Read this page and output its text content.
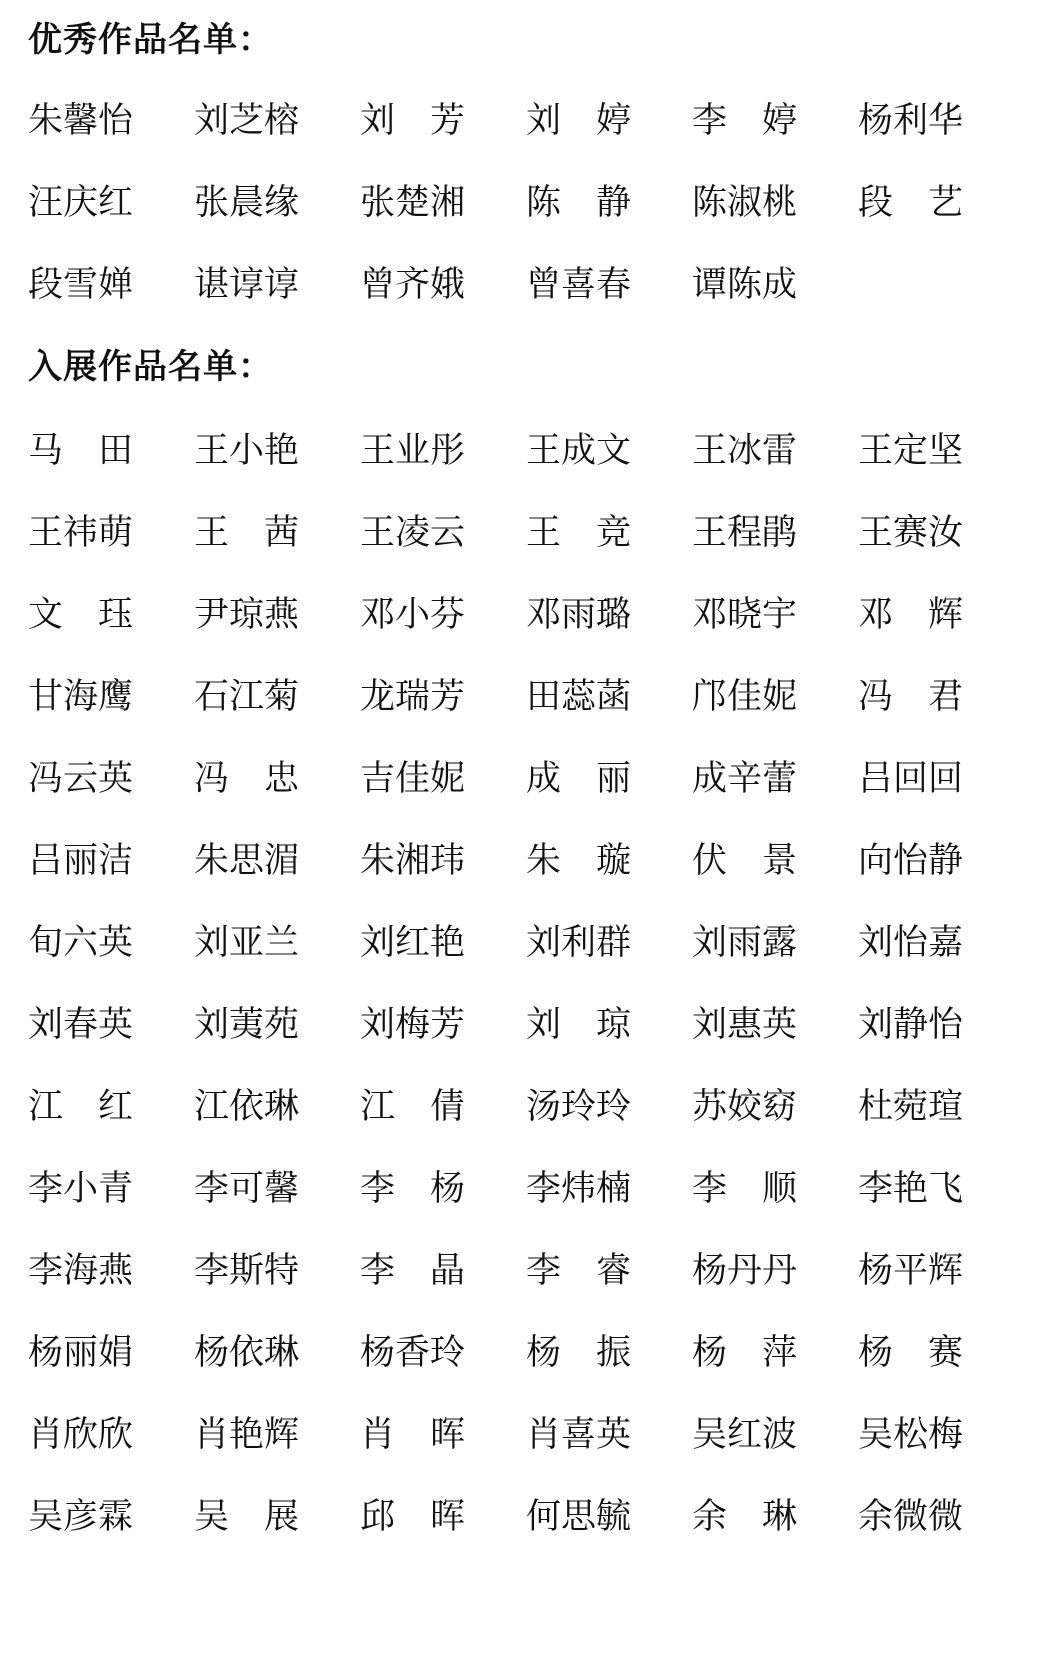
优秀作品名单：
朱馨怡	刘芝榕	刘　芳	刘　婷	李　婷	杨利华
汪庆红	张晨缘	张楚湘	陈　静	陈淑桃	段　艺
段雪婵	谌谆谆	曾齐娥	曾喜春	谭陈成
入展作品名单：
马　田	王小艳	王业彤	王成文	王冰雷	王定坚
王祎萌	王　茜	王凌云	王　竞	王程鹃	王赛汝
文　珏	尹琼燕	邓小芬	邓雨璐	邓晓宇	邓　辉
甘海鹰	石江菊	龙瑞芳	田蕊菡	邝佳妮	冯　君
冯云英	冯　忠	吉佳妮	成　丽	成辛蕾	吕回回
吕丽洁	朱思湄	朱湘玮	朱　璇	伏　景	向怡静
旬六英	刘亚兰	刘红艳	刘利群	刘雨露	刘怡嘉
刘春英	刘荑苑	刘梅芳	刘　琼	刘惠英	刘静怡
江　红	江依琳	江　倩	汤玲玲	苏姣窈	杜菀瑄
李小青	李可馨	李　杨	李炜楠	李　顺	李艳飞
李海燕	李斯特	李　晶	李　睿	杨丹丹	杨平辉
杨丽娟	杨依琳	杨香玲	杨　振	杨　萍	杨　赛
肖欣欣	肖艳辉	肖　晖	肖喜英	吴红波	吴松梅
吴彦霖	吴　展	邱　晖	何思毓	余　琳	余微微
